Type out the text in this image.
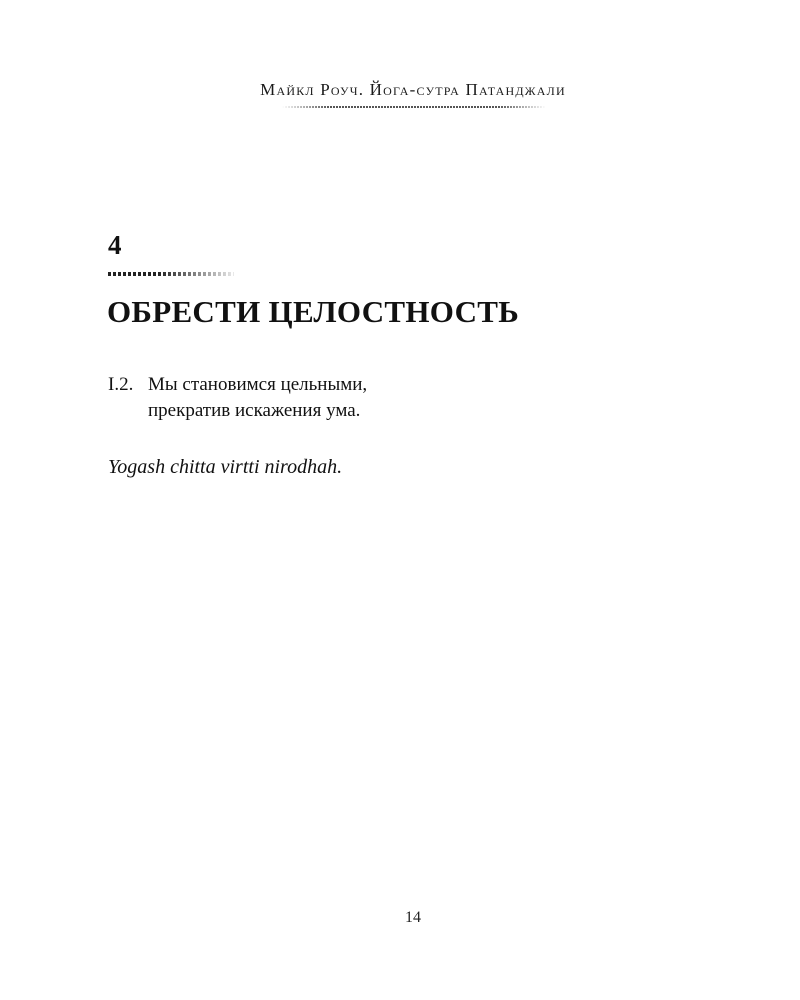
Майкл Роуч. Йога-сутра Патанджали
4
ОБРЕСТИ ЦЕЛОСТНОСТЬ
I.2. Мы становимся цельными,
прекратив искажения ума.
Yogash chitta virtti nirodhah.
14
